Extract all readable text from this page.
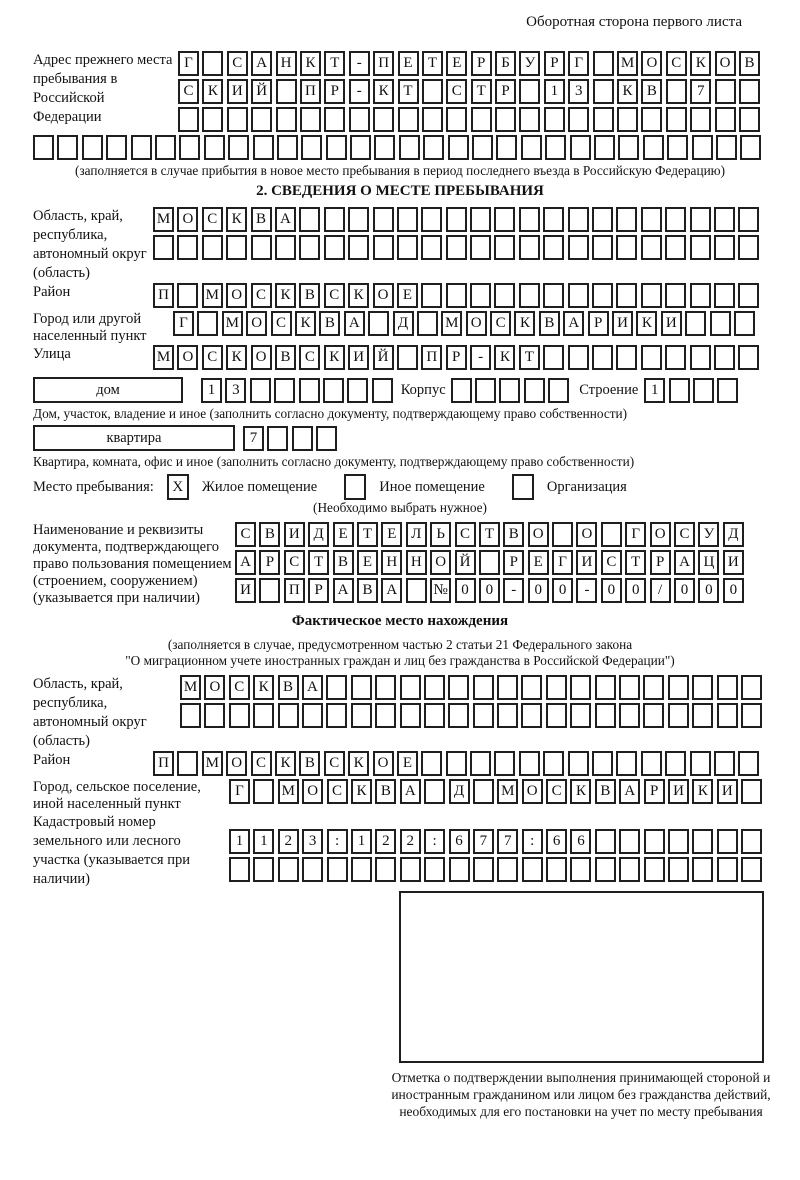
Оборотная сторона первого листа
Адрес прежнего места пребывания в Российской Федерации
Г	С А Н К Т	-	П Е	Т	Е	Р	Б У Р	Г	М О С К О В
С К И Й	П Р	-	К Т	С Т	Р	1	3	К В	7
(заполняется в случае прибытия в новое место пребывания в период последнего въезда в Российскую Федерацию)
2. СВЕДЕНИЯ О МЕСТЕ ПРЕБЫВАНИЯ
Область, край, республика, автономный округ (область)
М О С К В А
Район	П	М О С К В С К О Е
Город или другой населенный пункт
Г	М О С К В А	Д	М О С К В А Р И К И
Улица	М О С К О В С К И Й	П Р	-	К Т
дом	1	3	Корпус	Строение 1
Дом, участок, владение и иное (заполнить согласно документу, подтверждающему право собственности)
квартира	7
Квартира, комната, офис и иное (заполнить согласно документу, подтверждающему право собственности)
Место пребывания:	X	Жилое помещение	Иное помещение	Организация
(Необходимо выбрать нужное)
Наименование и реквизиты документа, подтверждающего право пользования помещением (строением, сооружением) (указывается при наличии)
С В И Д Е	Т	Е Л Ь	С Т В О	О	Г О С У Д
А Р	С Т В Е Н Н О Й	Р	Е	Г И С Т	Р А Ц И
И	П Р А В А	№ 0	0	-	0	0	-	0	0	/	0	0	0
Фактическое место нахождения
(заполняется в случае, предусмотренном частью 2 статьи 21 Федерального закона
"О миграционном учете иностранных граждан и лиц без гражданства в Российской Федерации")
Область, край, республика, автономный округ (область)
М О С К В А
Район	П	М О С К В С К О Е
Город, сельское поселение, иной населенный пункт
Г	М О С К В А	Д	М О С К В А Р И К И
Кадастровый номер земельного или лесного участка (указывается при наличии)
1	1	2	3	:	1	2	2	:	6	7	7	:	6	6
Отметка о подтверждении выполнения принимающей стороной и иностранным гражданином или лицом без гражданства действий, необходимых для его постановки на учет по месту пребывания
